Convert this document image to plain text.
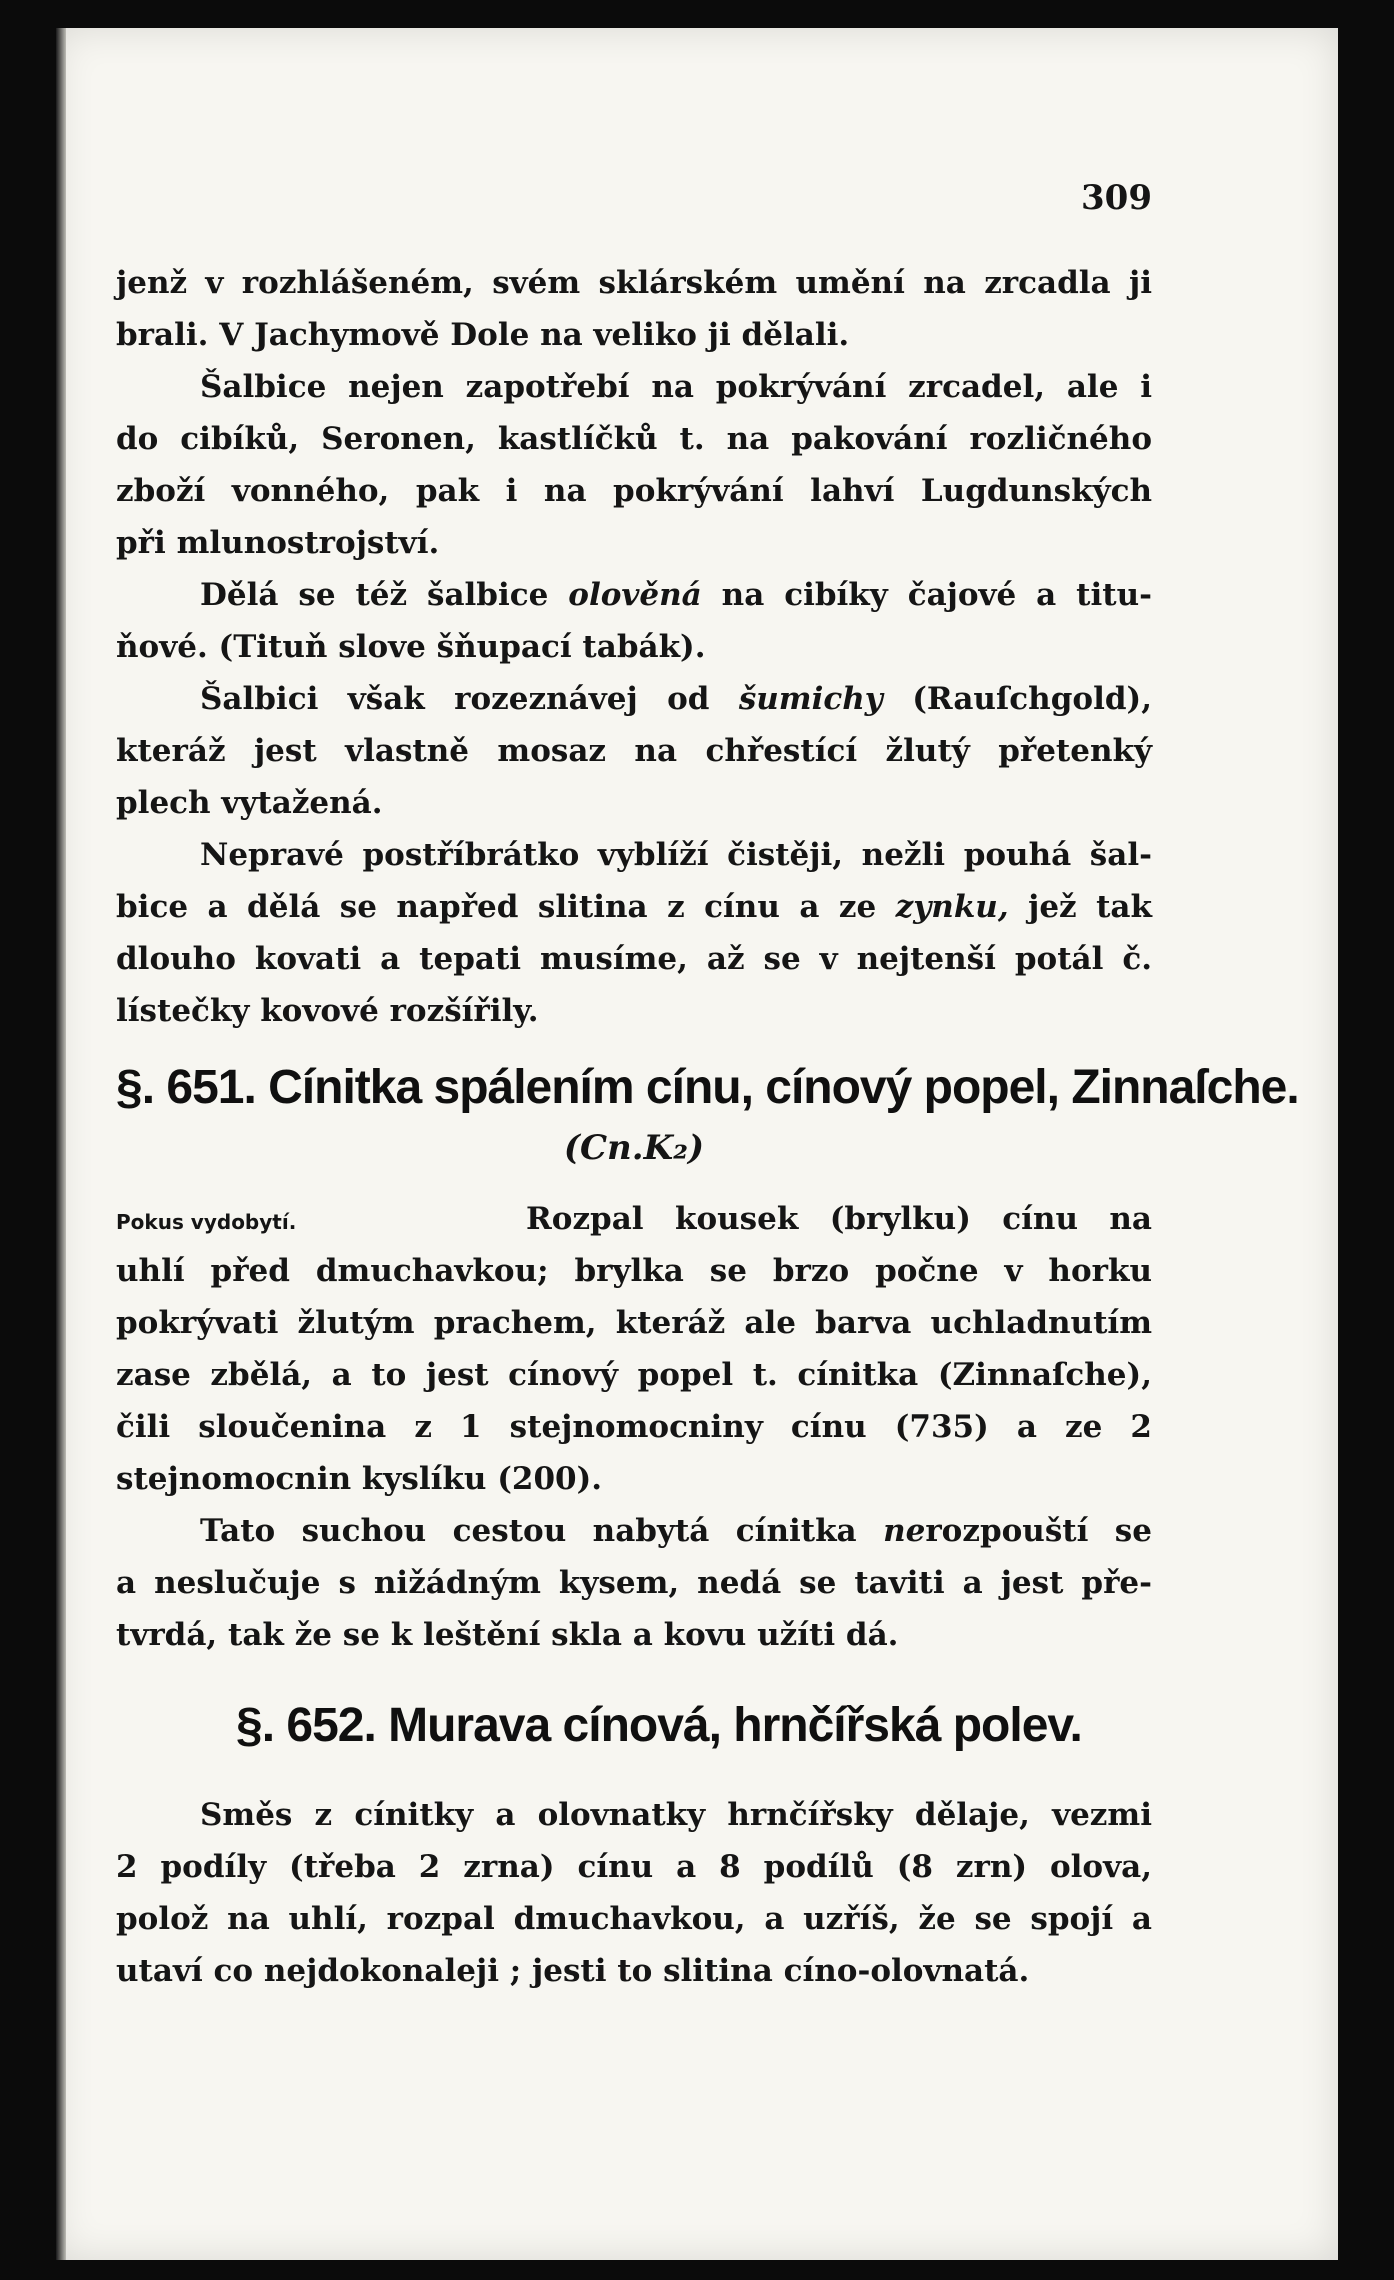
309
jenž v rozhlášeném, svém sklárském umění na zrcadla ji
brali. V Jachymově Dole na veliko ji dělali.
Šalbice nejen zapotřebí na pokrývání zrcadel, ale i
do cibíků, Seronen, kastlíčků t. na pakování rozličného
zboží vonného, pak i na pokrývání lahví Lugdunských
při mlunostrojství.
Dělá se též šalbice olověná na cibíky čajové a titu-
ňové. (Tituň slove šňupací tabák).
Šalbici však rozeznávej od šumichy (Rauſchgold),
kteráž jest vlastně mosaz na chřestící žlutý přetenký
plech vytažená.
Nepravé postříbrátko vyblíží čistěji, nežli pouhá šal-
bice a dělá se napřed slitina z cínu a ze zynku, jež tak
dlouho kovati a tepati musíme, až se v nejtenší potál č.
lístečky kovové rozšířily.
§. 651. Cínitka spálením cínu, cínový popel, Zinnaſche.
(Cn.K₂)
Pokus vydobytí.	Rozpal kousek (brylku) cínu na
uhlí před dmuchavkou; brylka se brzo počne v horku
pokrývati žlutým prachem, kteráž ale barva uchladnutím
zase zbělá, a to jest cínový popel t. cínitka (Zinnaſche),
čili sloučenina z 1 stejnomocniny cínu (735) a ze 2
stejnomocnin kyslíku (200).
Tato suchou cestou nabytá cínitka nerozpouští se
a neslučuje s nižádným kysem, nedá se taviti a jest pře-
tvrdá, tak že se k leštění skla a kovu užíti dá.
§. 652. Murava cínová, hrnčířská polev.
Směs z cínitky a olovnatky hrnčířsky dělaje, vezmi
2 podíly (třeba 2 zrna) cínu a 8 podílů (8 zrn) olova,
polož na uhlí, rozpal dmuchavkou, a uzříš, že se spojí a
utaví co nejdokonaleji ; jesti to slitina cíno-olovnatá.
